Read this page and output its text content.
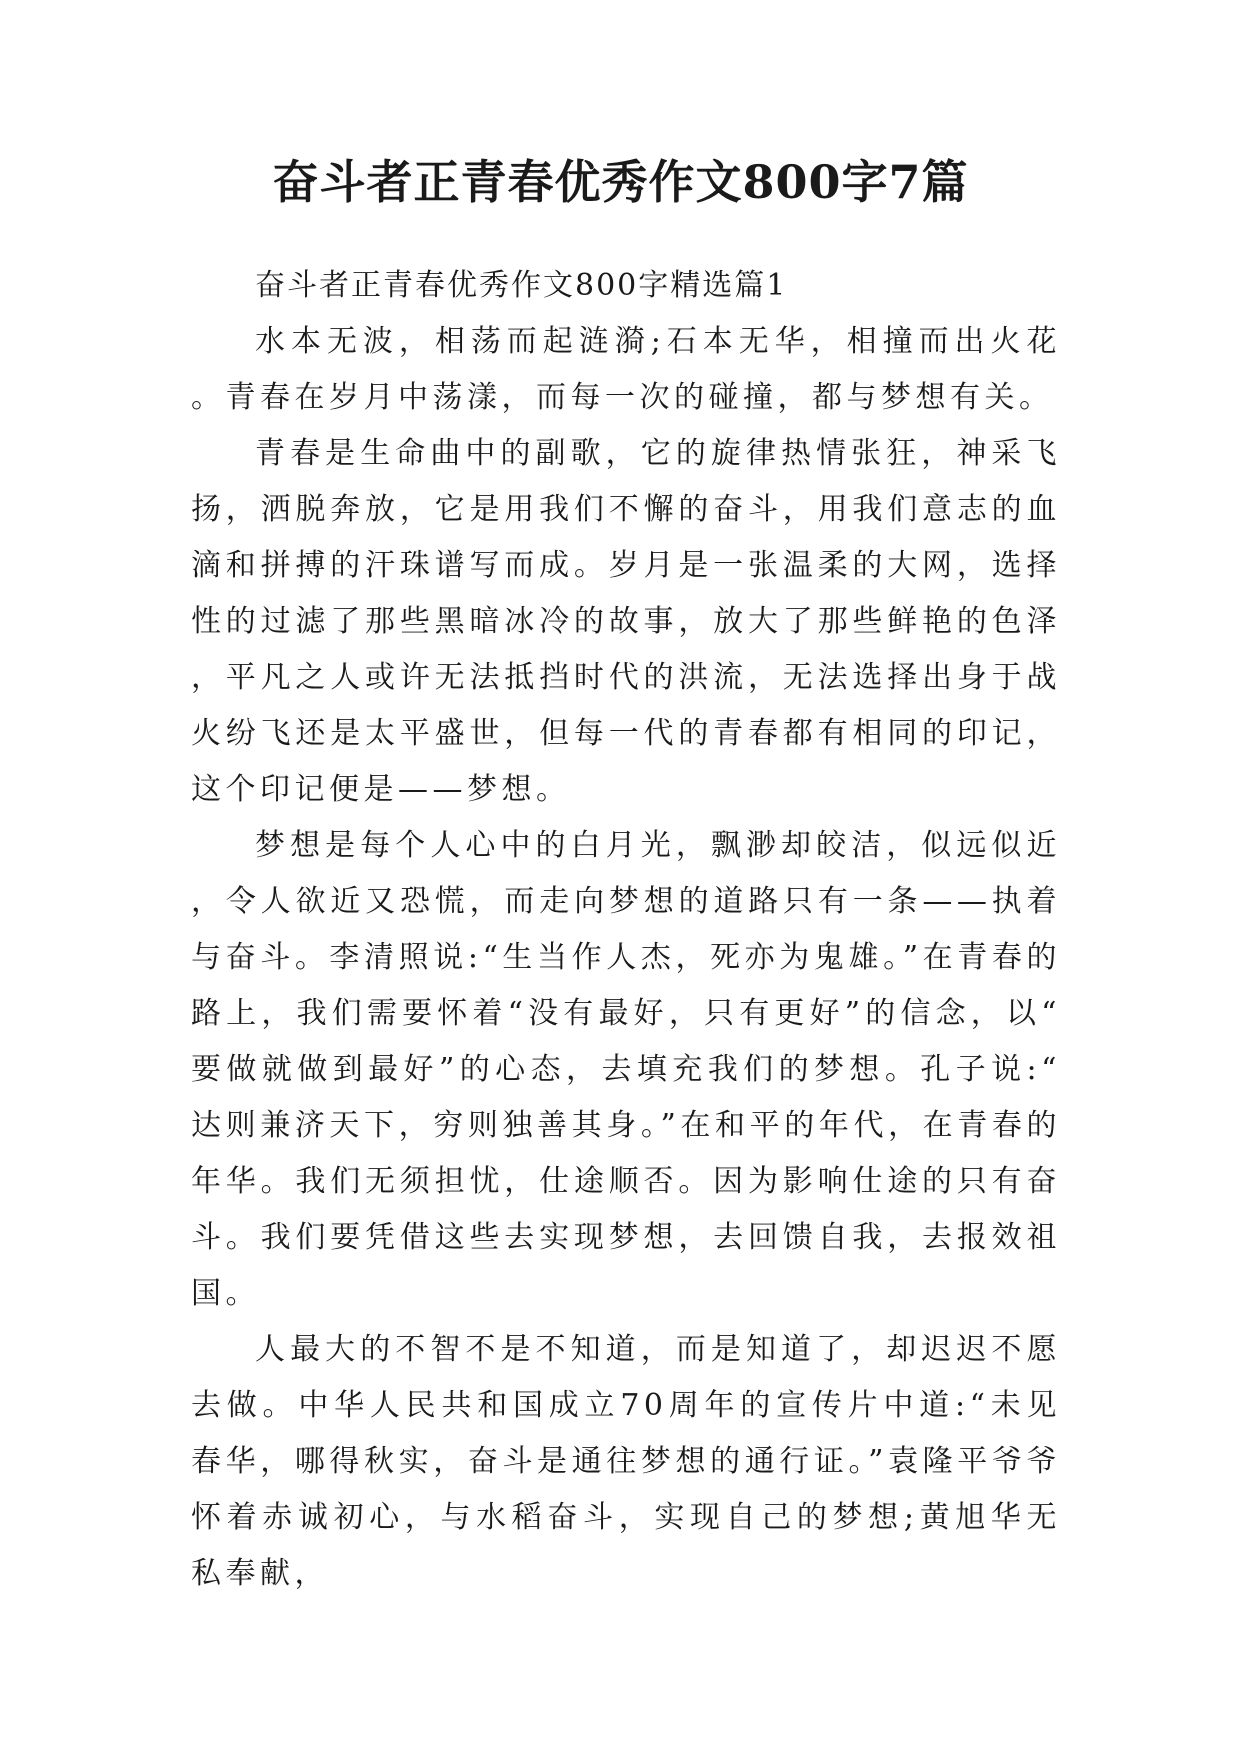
奋斗者正青春优秀作文800字7篇

奋斗者正青春优秀作文800字精选篇1

水本无波，相荡而起涟漪;石本无华，相撞而出火花。青春在岁月中荡漾，而每一次的碰撞，都与梦想有关。

青春是生命曲中的副歌，它的旋律热情张狂，神采飞扬，洒脱奔放，它是用我们不懈的奋斗，用我们意志的血滴和拼搏的汗珠谱写而成。岁月是一张温柔的大网，选择性的过滤了那些黑暗冰冷的故事，放大了那些鲜艳的色泽，平凡之人或许无法抵挡时代的洪流，无法选择出身于战火纷飞还是太平盛世，但每一代的青春都有相同的印记，这个印记便是——梦想。

梦想是每个人心中的白月光，飘渺却皎洁，似远似近，令人欲近又恐慌，而走向梦想的道路只有一条——执着与奋斗。李清照说:“生当作人杰，死亦为鬼雄。”在青春的路上，我们需要怀着“没有最好，只有更好”的信念，以“要做就做到最好”的心态，去填充我们的梦想。孔子说:“达则兼济天下，穷则独善其身。”在和平的年代，在青春的年华。我们无须担忧，仕途顺否。因为影响仕途的只有奋斗。我们要凭借这些去实现梦想，去回馈自我，去报效祖国。

人最大的不智不是不知道，而是知道了，却迟迟不愿去做。中华人民共和国成立70周年的宣传片中道:“未见春华，哪得秋实，奋斗是通往梦想的通行证。”袁隆平爷爷怀着赤诚初心，与水稻奋斗，实现自己的梦想;黄旭华无私奉献，
